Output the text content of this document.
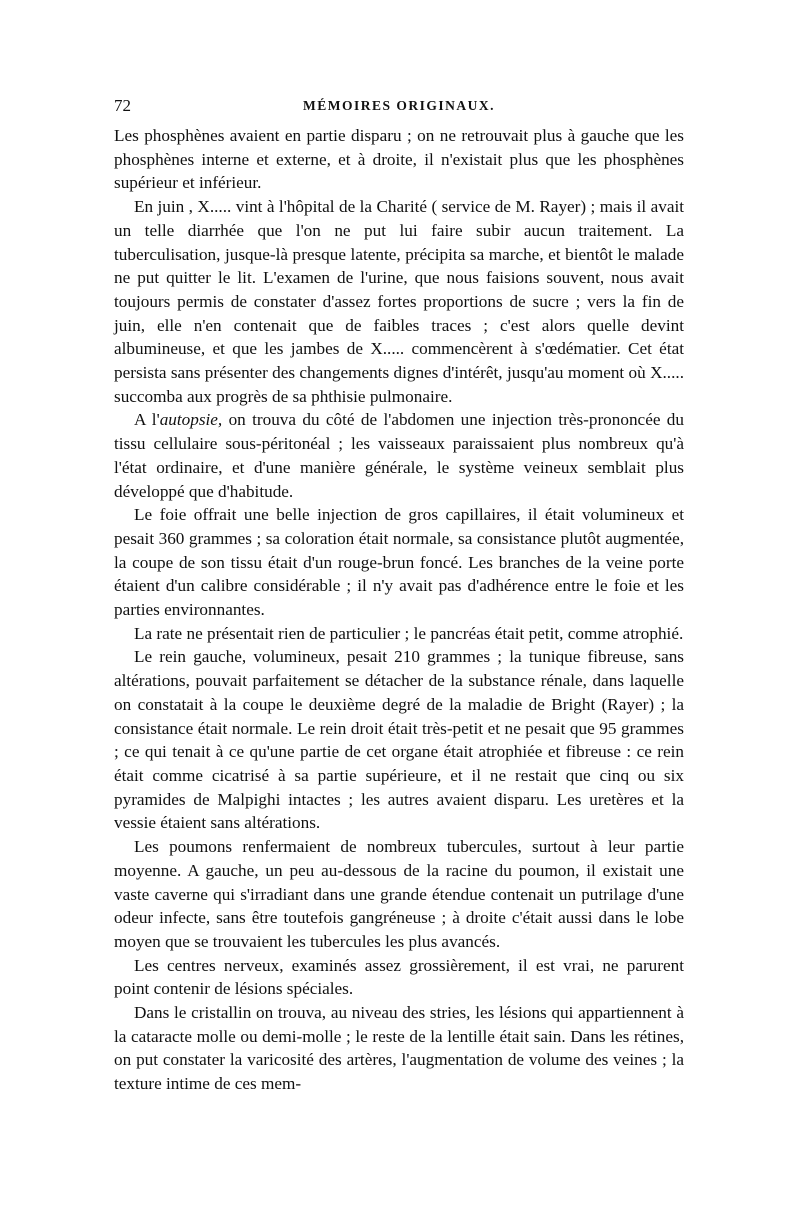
72	MÉMOIRES ORIGINAUX.

Les phosphènes avaient en partie disparu ; on ne retrouvait plus à gauche que les phosphènes interne et externe, et à droite, il n'existait plus que les phosphènes supérieur et inférieur.

En juin , X..... vint à l'hôpital de la Charité ( service de M. Rayer) ; mais il avait un telle diarrhée que l'on ne put lui faire subir aucun traitement. La tuberculisation, jusque-là presque latente, précipita sa marche, et bientôt le malade ne put quitter le lit. L'examen de l'urine, que nous faisions souvent, nous avait toujours permis de constater d'assez fortes proportions de sucre ; vers la fin de juin, elle n'en contenait que de faibles traces ; c'est alors quelle devint albumineuse, et que les jambes de X..... commencèrent à s'œdématier. Cet état persista sans présenter des changements dignes d'intérêt, jusqu'au moment où X..... succomba aux progrès de sa phthisie pulmonaire.

A l'autopsie, on trouva du côté de l'abdomen une injection très-prononcée du tissu cellulaire sous-péritonéal ; les vaisseaux paraissaient plus nombreux qu'à l'état ordinaire, et d'une manière générale, le système veineux semblait plus développé que d'habitude.

Le foie offrait une belle injection de gros capillaires, il était volumineux et pesait 360 grammes ; sa coloration était normale, sa consistance plutôt augmentée, la coupe de son tissu était d'un rouge-brun foncé. Les branches de la veine porte étaient d'un calibre considérable ; il n'y avait pas d'adhérence entre le foie et les parties environnantes.

La rate ne présentait rien de particulier ; le pancréas était petit, comme atrophié.

Le rein gauche, volumineux, pesait 210 grammes ; la tunique fibreuse, sans altérations, pouvait parfaitement se détacher de la substance rénale, dans laquelle on constatait à la coupe le deuxième degré de la maladie de Bright (Rayer) ; la consistance était normale. Le rein droit était très-petit et ne pesait que 95 grammes ; ce qui tenait à ce qu'une partie de cet organe était atrophiée et fibreuse : ce rein était comme cicatrisé à sa partie supérieure, et il ne restait que cinq ou six pyramides de Malpighi intactes ; les autres avaient disparu. Les uretères et la vessie étaient sans altérations.

Les poumons renfermaient de nombreux tubercules, surtout à leur partie moyenne. A gauche, un peu au-dessous de la racine du poumon, il existait une vaste caverne qui s'irradiant dans une grande étendue contenait un putrilage d'une odeur infecte, sans être toutefois gangréneuse ; à droite c'était aussi dans le lobe moyen que se trouvaient les tubercules les plus avancés.

Les centres nerveux, examinés assez grossièrement, il est vrai, ne parurent point contenir de lésions spéciales.

Dans le cristallin on trouva, au niveau des stries, les lésions qui appartiennent à la cataracte molle ou demi-molle ; le reste de la lentille était sain. Dans les rétines, on put constater la varicosité des artères, l'augmentation de volume des veines ; la texture intime de ces mem-
